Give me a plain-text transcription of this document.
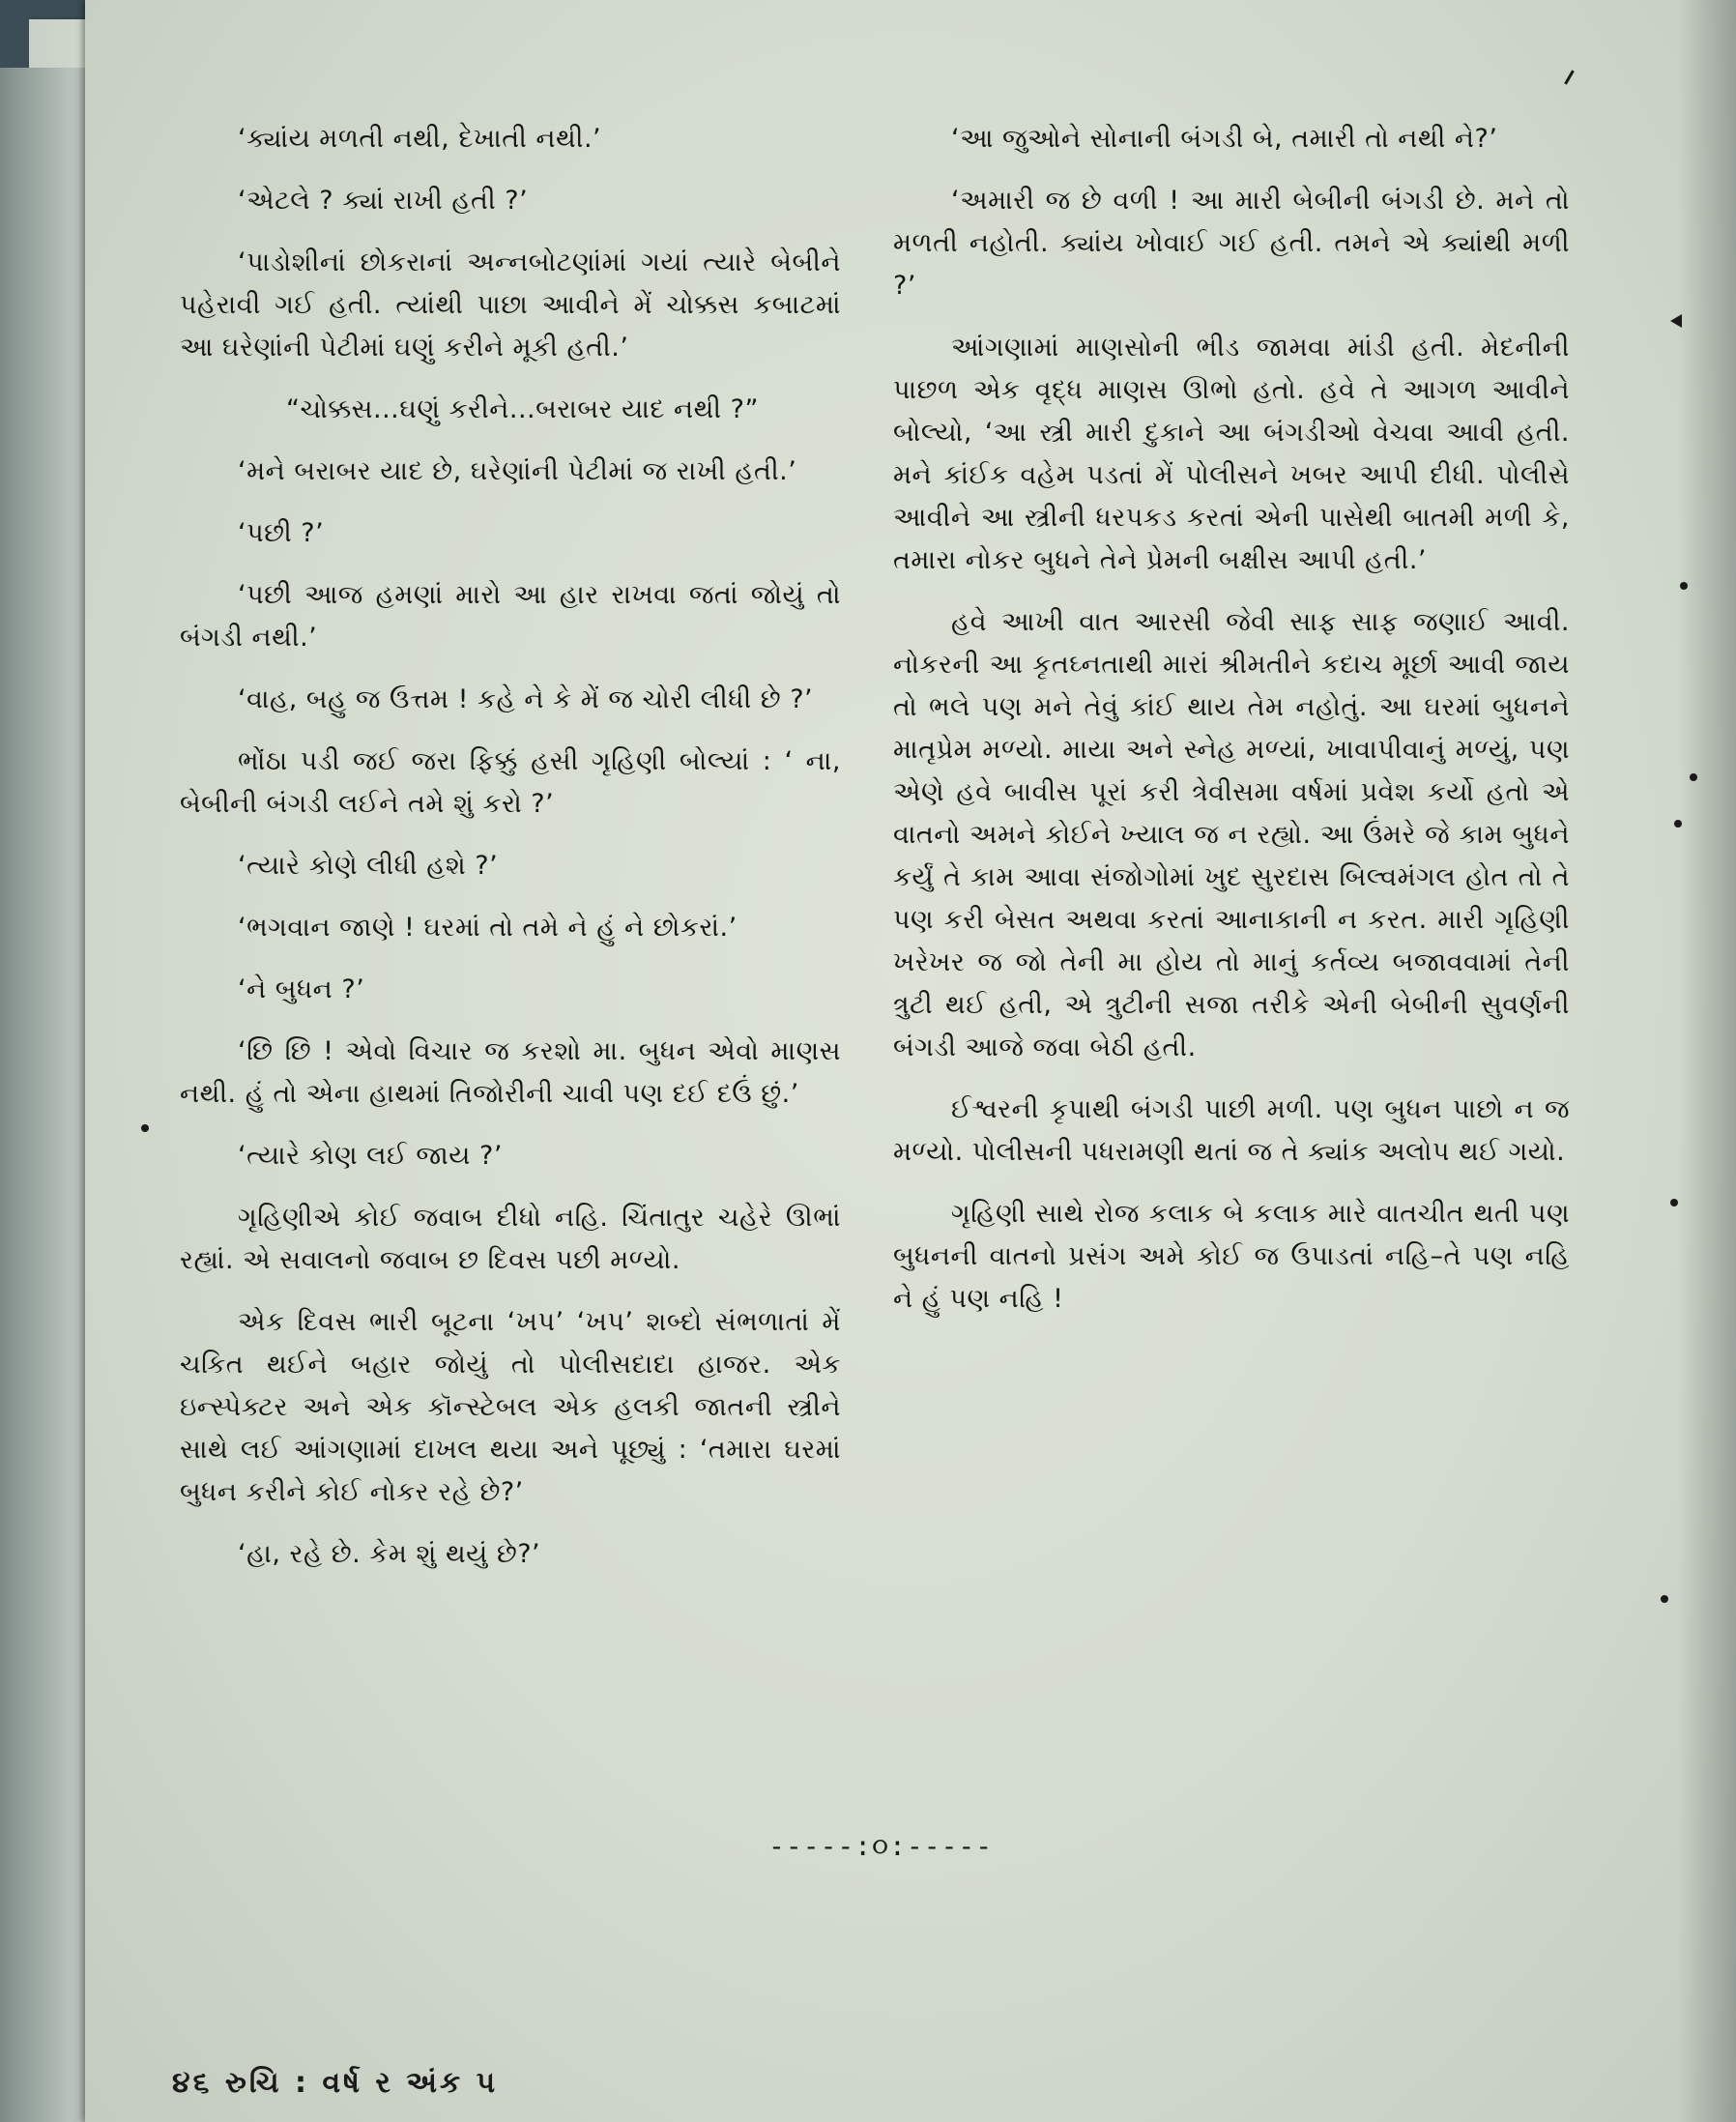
‘ક્યાંય મળતી નથી, દેખાતી નથી.’

‘એટલે ? ક્યાં રાખી હતી ?’

‘પાડોશીનાં છોકરાનાં અન્નબોટણાંમાં ગયાં ત્યારે બેબીને પહેરાવી ગઈ હતી. ત્યાંથી પાછા આવીને મેં ચોક્કસ કબાટમાં આ ઘરેણાંની પેટીમાં ઘણું કરીને મૂકી હતી.’

“ચોક્કસ...ઘણું કરીને...બરાબર યાદ નથી ?”

‘મને બરાબર યાદ છે, ઘરેણાંની પેટીમાં જ રાખી હતી.’

‘પછી ?’

‘પછી આજ હમણાં મારો આ હાર રાખવા જતાં જોયું તો બંગડી નથી.’

‘વાહ, બહુ જ ઉત્તમ ! કહે ને કે મેં જ ચોરી લીધી છે ?’

ભોંઠા પડી જઈ જરા ફિક્કું હસી ગૃહિણી બોલ્યાં : ‘ ના, બેબીની બંગડી લઈને તમે શું કરો ?’

‘ત્યારે કોણે લીધી હશે ?’

‘ભગવાન જાણે ! ઘરમાં તો તમે ને હું ને છોકરાં.’

‘ને બુધન ?’

‘છિ છિ ! એવો વિચાર જ કરશો મા. બુધન એવો માણસ નથી. હું તો એના હાથમાં તિજોરીની ચાવી પણ દઈ દઉં છું.’

‘ત્યારે કોણ લઈ જાય ?’

ગૃહિણીએ કોઈ જવાબ દીધો નહિ. ચિંતાતુર ચહેરે ઊભાં રહ્યાં. એ સવાલનો જવાબ છ દિવસ પછી મળ્યો.

એક દિવસ ભારી બૂટના ‘ખપ’ ‘ખપ’ શબ્દો સંભળાતાં મેં ચકિત થઈને બહાર જોયું તો પોલીસદાદા હાજર. એક ઇન્સ્પેક્ટર અને એક કૉન્સ્ટેબલ એક હલકી જાતની સ્ત્રીને સાથે લઈ આંગણામાં દાખલ થયા અને પૂછ્યું : ‘તમારા ઘરમાં બુધન કરીને કોઈ નોકર રહે છે?’

‘હા, રહે છે. કેમ શું થયું છે?’

‘આ જુઓને સોનાની બંગડી બે, તમારી તો નથી ને?’

‘અમારી જ છે વળી ! આ મારી બેબીની બંગડી છે. મને તો મળતી નહોતી. ક્યાંય ખોવાઈ ગઈ હતી. તમને એ ક્યાંથી મળી ?’

આંગણામાં માણસોની ભીડ જામવા માંડી હતી. મેદનીની પાછળ એક વૃદ્ધ માણસ ઊભો હતો. હવે તે આગળ આવીને બોલ્યો, ‘આ સ્ત્રી મારી દુકાને આ બંગડીઓ વેચવા આવી હતી. મને કાંઈક વહેમ પડતાં મેં પોલીસને ખબર આપી દીધી. પોલીસે આવીને આ સ્ત્રીની ધરપકડ કરતાં એની પાસેથી બાતમી મળી કે, તમારા નોકર બુધને તેને પ્રેમની બક્ષીસ આપી હતી.’

હવે આખી વાત આરસી જેવી સાફ સાફ જણાઈ આવી. નોકરની આ કૃતઘ્નતાથી મારાં શ્રીમતીને કદાચ મૂર્છા આવી જાય તો ભલે પણ મને તેવું કાંઈ થાય તેમ નહોતું. આ ઘરમાં બુધનને માતૃપ્રેમ મળ્યો. માયા અને સ્નેહ મળ્યાં, ખાવાપીવાનું મળ્યું, પણ એણે હવે બાવીસ પૂરાં કરી ત્રેવીસમા વર્ષમાં પ્રવેશ કર્યો હતો એ વાતનો અમને કોઈને ખ્યાલ જ ન રહ્યો. આ ઉંમરે જે કામ બુધને કર્યું તે કામ આવા સંજોગોમાં ખુદ સુરદાસ બિલ્વમંગલ હોત તો તે પણ કરી બેસત અથવા કરતાં આનાકાની ન કરત. મારી ગૃહિણી ખરેખર જ જો તેની મા હોય તો માનું કર્તવ્ય બજાવવામાં તેની ત્રુટી થઈ હતી, એ ત્રુટીની સજા તરીકે એની બેબીની સુવર્ણની બંગડી આજે જવા બેઠી હતી.

ઈશ્વરની કૃપાથી બંગડી પાછી મળી. પણ બુધન પાછો ન જ મળ્યો. પોલીસની પધરામણી થતાં જ તે ક્યાંક અલોપ થઈ ગયો.

ગૃહિણી સાથે રોજ કલાક બે કલાક મારે વાતચીત થતી પણ બુધનની વાતનો પ્રસંગ અમે કોઈ જ ઉપાડતાં નહિ–તે પણ નહિ ને હું પણ નહિ !

-----:૦:-----
૪૬ રુચિ : વર્ષ ર અંક પ
